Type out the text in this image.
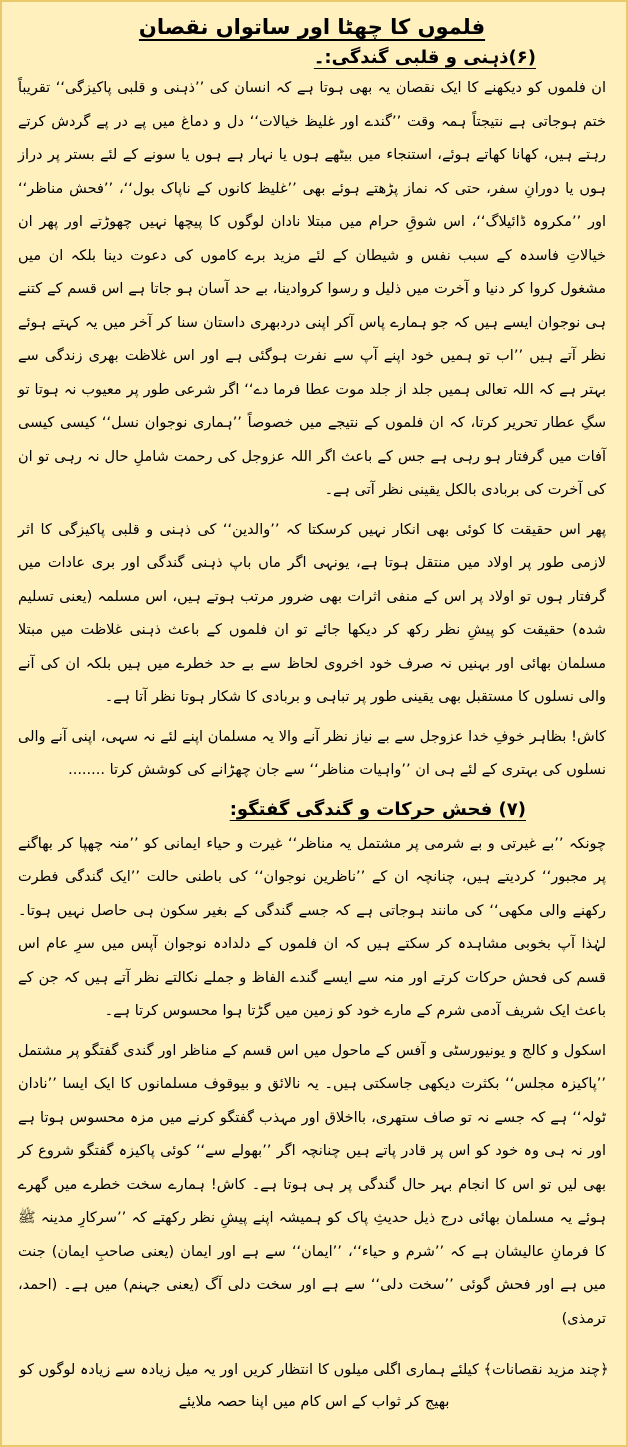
فلموں کا چھٹا اور ساتواں نقصان
(۶)ذہنی و قلبی گندگی:۔

ان فلموں کو دیکھنے کا ایک نقصان یہ بھی ہوتا ہے کہ انسان کی ’’ذہنی و قلبی پاکیزگی‘‘ تقریباً ختم ہوجاتی ہے نتیجتاً ہمہ وقت ’’گندے اور غلیظ خیالات‘‘ دل و دماغ میں پے در پے گردش کرتے رہتے ہیں، کھانا کھاتے ہوئے، استنجاء میں بیٹھے ہوں یا نہار ہے ہوں یا سونے کے لئے بستر پر دراز ہوں یا دورانِ سفر، حتی کہ نماز پڑھتے ہوئے بھی ’’غلیظ کانوں کے ناپاک بول‘‘، ’’فحش مناظر‘‘ اور ’’مکروہ ڈائیلاگ‘‘، اس شوقِ حرام میں مبتلا نادان لوگوں کا پیچھا نہیں چھوڑتے اور پھر ان خیالاتِ فاسدہ کے سبب نفس و شیطان کے لئے مزید برے کاموں کی دعوت دینا بلکہ ان میں مشغول کروا کر دنیا و آخرت میں ذلیل و رسوا کروادینا، بے حد آسان ہو جاتا ہے اس قسم کے کتنے ہی نوجوان ایسے ہیں کہ جو ہمارے پاس آکر اپنی دردبھری داستان سنا کر آخر میں یہ کہتے ہوئے نظر آتے ہیں ’’اب تو ہمیں خود اپنے آپ سے نفرت ہوگئی ہے اور اس غلاظت بھری زندگی سے بہتر ہے کہ اللہ تعالی ہمیں جلد از جلد موت عطا فرما دے‘‘ اگر شرعی طور پر معیوب نہ ہوتا تو سگِ عطار تحریر کرتا، کہ ان فلموں کے نتیجے میں خصوصاً ’’ہماری نوجوان نسل‘‘ کیسی کیسی آفات میں گرفتار ہو رہی ہے جس کے باعث اگر اللہ عزوجل کی رحمت شاملِ حال نہ رہی تو ان کی آخرت کی بربادی بالکل یقینی نظر آتی ہے۔

پھر اس حقیقت کا کوئی بھی انکار نہیں کرسکتا کہ ’’والدین‘‘ کی ذہنی و قلبی پاکیزگی کا اثر لازمی طور پر اولاد میں منتقل ہوتا ہے، یونہی اگر ماں باپ ذہنی گندگی اور بری عادات میں گرفتار ہوں تو اولاد پر اس کے منفی اثرات بھی ضرور مرتب ہوتے ہیں، اس مسلمہ (یعنی تسلیم شدہ) حقیقت کو پیشِ نظر رکھ کر دیکھا جائے تو ان فلموں کے باعث ذہنی غلاظت میں مبتلا مسلمان بھائی اور بہنیں نہ صرف خود اخروی لحاظ سے بے حد خطرے میں ہیں بلکہ ان کی آنے والی نسلوں کا مستقبل بھی یقینی طور پر تباہی و بربادی کا شکار ہوتا نظر آتا ہے۔

کاش! بظاہر خوفِ خدا عزوجل سے بے نیاز نظر آنے والا یہ مسلمان اپنے لئے نہ سہی، اپنی آنے والی نسلوں کی بہتری کے لئے ہی ان ’’واہیات مناظر‘‘ سے جان چھڑانے کی کوشش کرتا ........

(۷) فحش حرکات و گندگی گفتگو:

چونکہ ’’بے غیرتی و بے شرمی پر مشتمل یہ مناظر‘‘ غیرت و حیاء ایمانی کو ’’منہ چھپا کر بھاگنے پر مجبور‘‘ کردیتے ہیں، چنانچہ ان کے ’’ناظرین نوجوان‘‘ کی باطنی حالت ’’ایک گندگی فطرت رکھنے والی مکھی‘‘ کی مانند ہوجاتی ہے کہ جسے گندگی کے بغیر سکون ہی حاصل نہیں ہوتا۔ لہٰذا آپ بخوبی مشاہدہ کر سکتے ہیں کہ ان فلموں کے دلدادہ نوجوان آپس میں سرِ عام اس قسم کی فحش حرکات کرتے اور منہ سے ایسے گندے الفاظ و جملے نکالتے نظر آتے ہیں کہ جن کے باعث ایک شریف آدمی شرم کے مارے خود کو زمین میں گڑتا ہوا محسوس کرتا ہے۔

اسکول و کالج و یونیورسٹی و آفس کے ماحول میں اس قسم کے مناظر اور گندی گفتگو پر مشتمل ’’پاکیزہ مجلس‘‘ بکثرت دیکھی جاسکتی ہیں۔ یہ نالائق و بیوقوف مسلمانوں کا ایک ایسا ’’نادان ٹولہ‘‘ ہے کہ جسے نہ تو صاف ستھری، بااخلاق اور مہذب گفتگو کرنے میں مزہ محسوس ہوتا ہے اور نہ ہی وہ خود کو اس پر قادر پاتے ہیں چنانچہ اگر ’’بھولے سے‘‘ کوئی پاکیزہ گفتگو شروع کر بھی لیں تو اس کا انجام بہر حال گندگی پر ہی ہوتا ہے۔ کاش! ہمارے سخت خطرے میں گھرے ہوئے یہ مسلمان بھائی درج ذیل حدیثِ پاک کو ہمیشہ اپنے پیشِ نظر رکھتے کہ ’’سرکارِ مدینہ ﷺ کا فرمانِ عالیشان ہے کہ ’’شرم و حیاء‘‘، ’’ایمان‘‘ سے ہے اور ایمان (یعنی صاحبِ ایمان) جنت میں ہے اور فحش گوئی ’’سخت دلی‘‘ سے ہے اور سخت دلی آگ (یعنی جہنم) میں ہے۔ (احمد، ترمذی)

﴿چند مزید نقصانات﴾ کیلئے ہماری اگلی میلوں کا انتظار کریں اور یہ میل زیادہ سے زیادہ لوگوں کو بھیج کر ثواب کے اس کام میں اپنا حصہ ملایئے
